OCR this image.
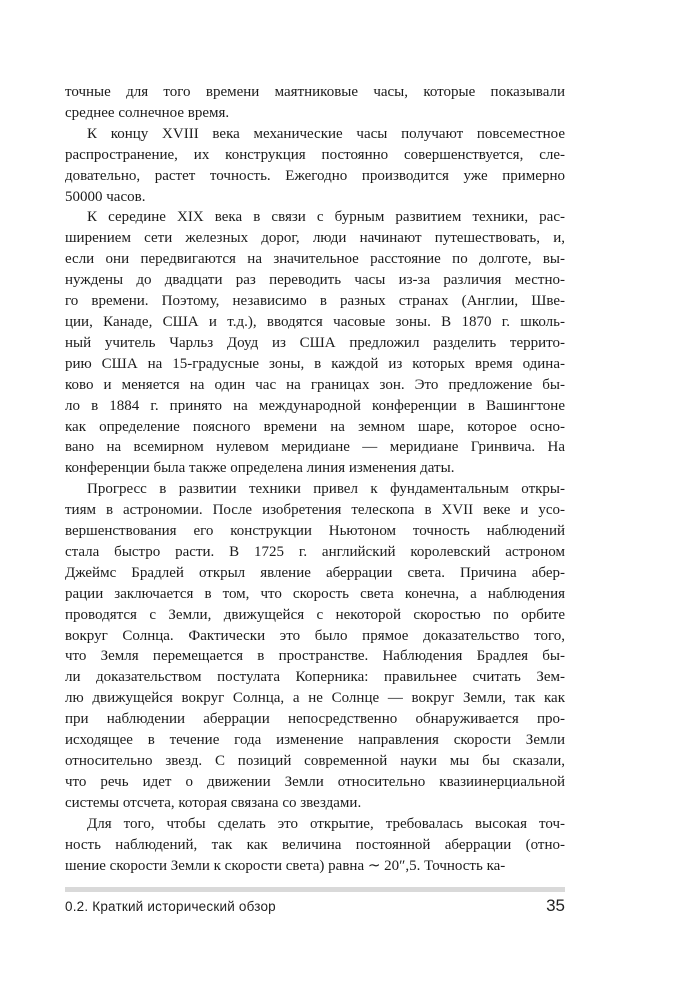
точные для того времени маятниковые часы, которые показывали
среднее солнечное время.
К концу XVIII века механические часы получают повсеместное
распространение, их конструкция постоянно совершенствуется, сле-
довательно, растет точность. Ежегодно производится уже примерно
50000 часов.
К середине XIX века в связи с бурным развитием техники, рас-
ширением сети железных дорог, люди начинают путешествовать, и,
если они передвигаются на значительное расстояние по долготе, вы-
нуждены до двадцати раз переводить часы из-за различия местно-
го времени. Поэтому, независимо в разных странах (Англии, Шве-
ции, Канаде, США и т.д.), вводятся часовые зоны. В 1870 г. школь-
ный учитель Чарльз Доуд из США предложил разделить террито-
рию США на 15-градусные зоны, в каждой из которых время одина-
ково и меняется на один час на границах зон. Это предложение бы-
ло в 1884 г. принято на международной конференции в Вашингтоне
как определение поясного времени на земном шаре, которое осно-
вано на всемирном нулевом меридиане — меридиане Гринвича. На
конференции была также определена линия изменения даты.
Прогресс в развитии техники привел к фундаментальным откры-
тиям в астрономии. После изобретения телескопа в XVII веке и усо-
вершенствования его конструкции Ньютоном точность наблюдений
стала быстро расти. В 1725 г. английский королевский астроном
Джеймс Брадлей открыл явление аберрации света. Причина абер-
рации заключается в том, что скорость света конечна, а наблюдения
проводятся с Земли, движущейся с некоторой скоростью по орбите
вокруг Солнца. Фактически это было прямое доказательство того,
что Земля перемещается в пространстве. Наблюдения Брадлея бы-
ли доказательством постулата Коперника: правильнее считать Зем-
лю движущейся вокруг Солнца, а не Солнце — вокруг Земли, так как
при наблюдении аберрации непосредственно обнаруживается про-
исходящее в течение года изменение направления скорости Земли
относительно звезд. С позиций современной науки мы бы сказали,
что речь идет о движении Земли относительно квазиинерциальной
системы отсчета, которая связана со звездами.
Для того, чтобы сделать это открытие, требовалась высокая точ-
ность наблюдений, так как величина постоянной аберрации (отно-
шение скорости Земли к скорости света) равна ∼ 20″,5. Точность ка-
0.2. Краткий исторический обзор	35
